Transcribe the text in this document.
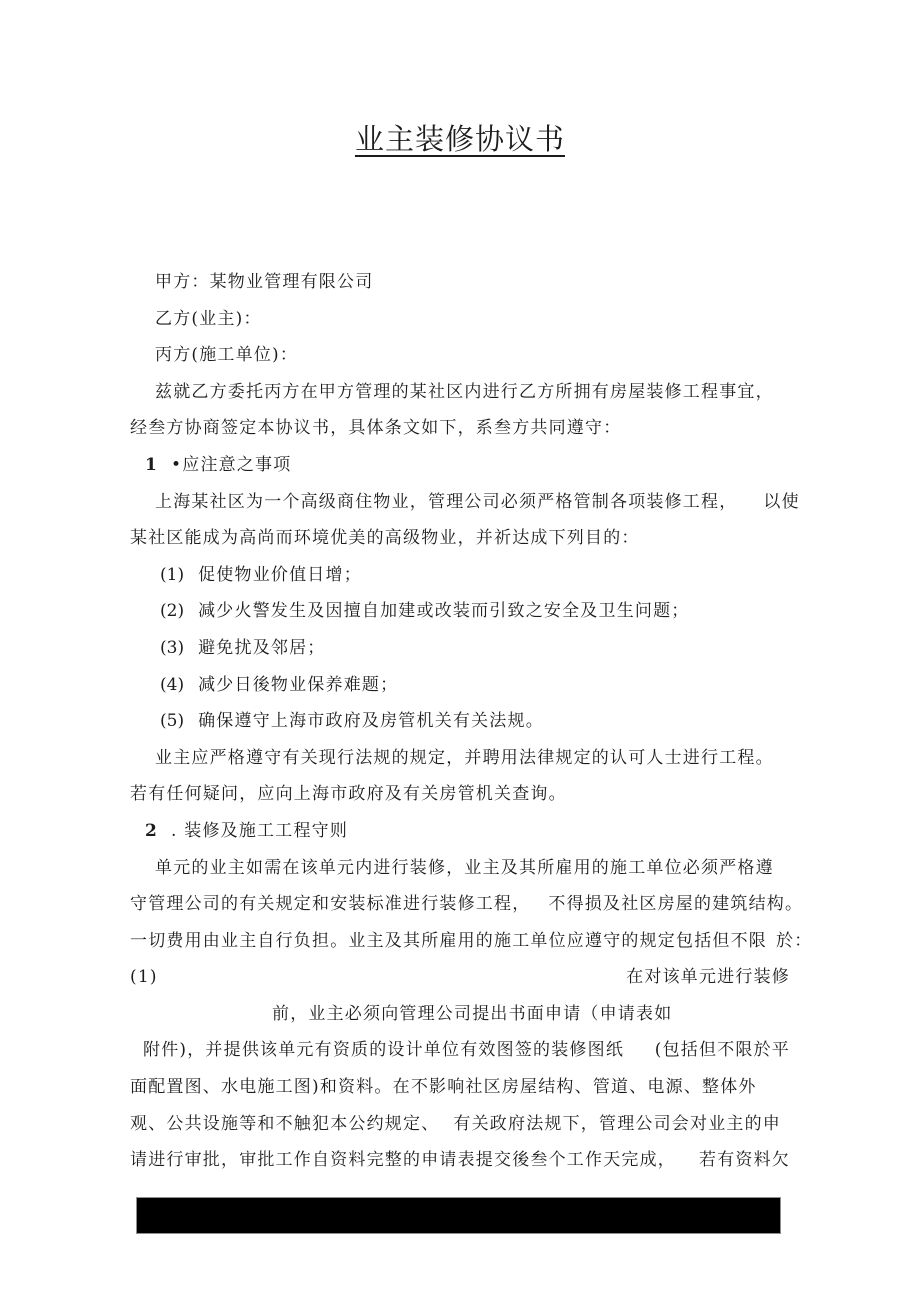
业主装修协议书
甲方：某物业管理有限公司
乙方(业主)：
丙方(施工单位)：
兹就乙方委托丙方在甲方管理的某社区内进行乙方所拥有房屋装修工程事宜，
经叁方协商签定本协议书，具体条文如下，系叁方共同遵守：
1 •应注意之事项
上海某社区为一个高级商住物业，管理公司必须严格管制各项装修工程， 以使
某社区能成为高尚而环境优美的高级物业，并祈达成下列目的：
(1) 促使物业价值日增；
(2) 减少火警发生及因擅自加建或改装而引致之安全及卫生问题；
(3) 避免扰及邻居；
(4) 减少日後物业保养难题；
(5) 确保遵守上海市政府及房管机关有关法规。
业主应严格遵守有关现行法规的规定，并聘用法律规定的认可人士进行工程。
若有任何疑问，应向上海市政府及有关房管机关查询。
2 . 装修及施工工程守则
单元的业主如需在该单元内进行装修，业主及其所雇用的施工单位必须严格遵
守管理公司的有关规定和安装标准进行装修工程， 不得损及社区房屋的建筑结构。
一切费用由业主自行负担。业主及其所雇用的施工单位应遵守的规定包括但不限 於：
(1)	在对该单元进行装修
前，业主必须向管理公司提出书面申请（申请表如
附件)，并提供该单元有资质的设计单位有效图签的装修图纸 (包括但不限於平
面配置图、水电施工图)和资料。在不影响社区房屋结构、管道、电源、整体外
观、公共设施等和不触犯本公约规定、 有关政府法规下，管理公司会对业主的申
请进行审批，审批工作自资料完整的申请表提交後叁个工作天完成， 若有资料欠
